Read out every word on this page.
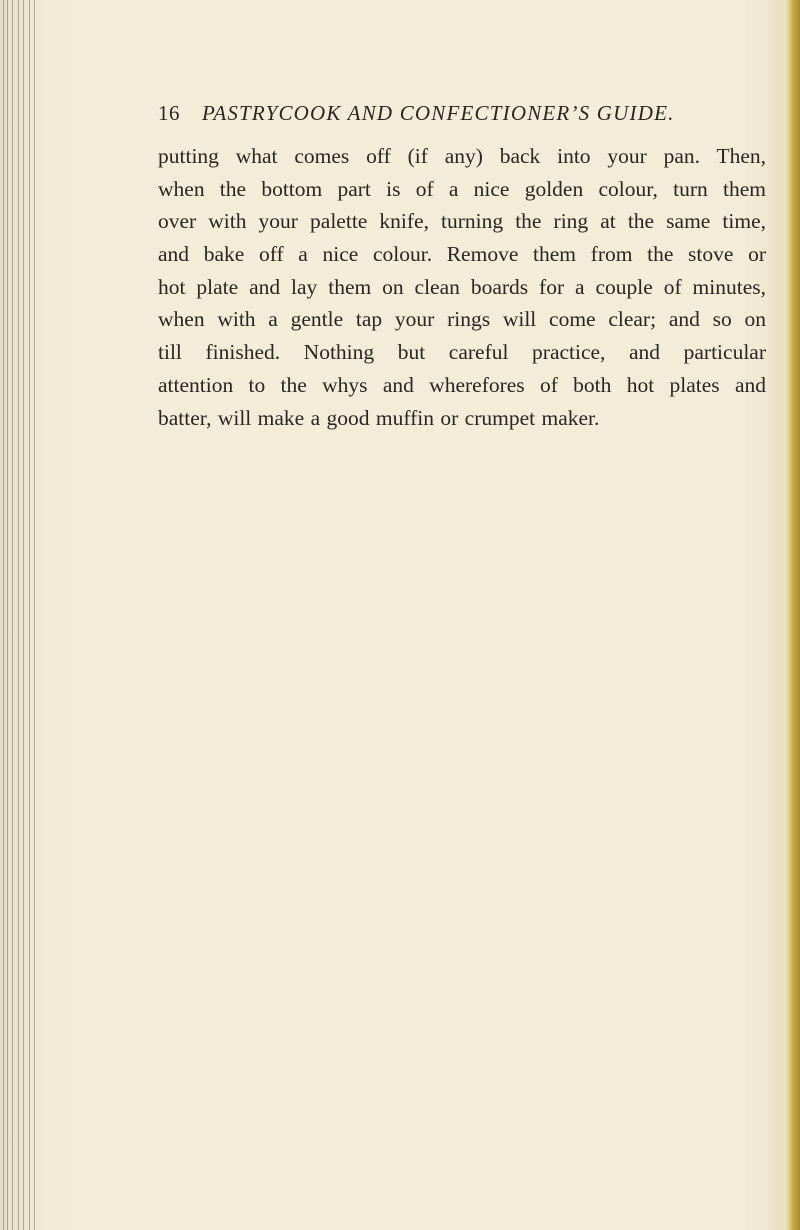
16 PASTRYCOOK AND CONFECTIONER’S GUIDE.
putting what comes off (if any) back into your pan. Then,
when the bottom part is of a nice golden colour, turn them
over with your palette knife, turning the ring at the same time,
and bake off a nice colour. Remove them from the stove or
hot plate and lay them on clean boards for a couple of minutes,
when with a gentle tap your rings will come clear; and so on
till finished. Nothing but careful practice, and particular
attention to the whys and wherefores of both hot plates and
batter, will make a good muffin or crumpet maker.
